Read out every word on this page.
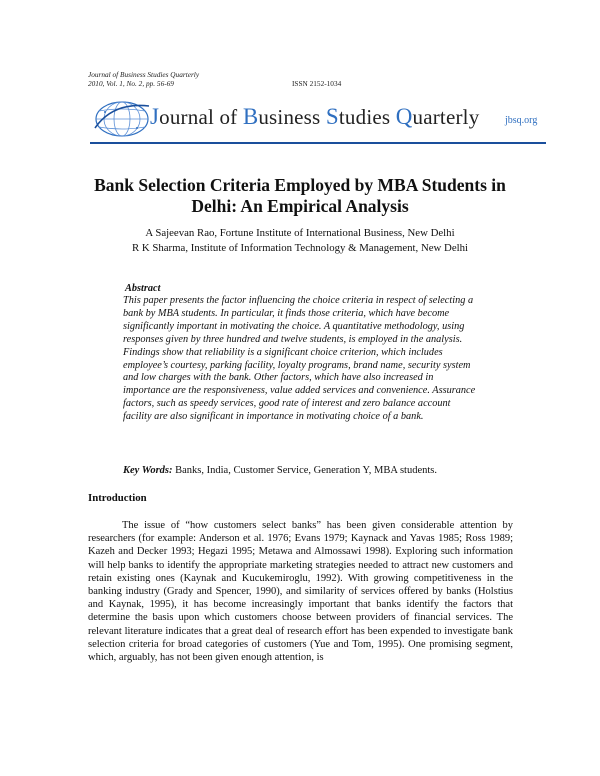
Journal of Business Studies Quarterly
2010, Vol. 1, No. 2, pp. 56-69	ISSN 2152-1034
Journal of Business Studies Quarterly	jbsq.org
Bank Selection Criteria Employed by MBA Students in
Delhi: An Empirical Analysis
A Sajeevan Rao, Fortune Institute of International Business, New Delhi
R K Sharma, Institute of Information Technology & Management, New Delhi
Abstract
This paper presents the factor influencing the choice criteria in respect of selecting a bank by MBA students. In particular, it finds those criteria, which have become significantly important in motivating the choice. A quantitative methodology, using responses given by three hundred and twelve students, is employed in the analysis. Findings show that reliability is a significant choice criterion, which includes employee’s courtesy, parking facility, loyalty programs, brand name, security system and low charges with the bank. Other factors, which have also increased in importance are the responsiveness, value added services and convenience. Assurance factors, such as speedy services, good rate of interest and zero balance account facility are also significant in importance in motivating choice of a bank.
Key Words: Banks, India, Customer Service, Generation Y, MBA students.
Introduction
The issue of “how customers select banks” has been given considerable attention by researchers (for example: Anderson et al. 1976; Evans 1979; Kaynack and Yavas 1985; Ross 1989; Kazeh and Decker 1993; Hegazi 1995; Metawa and Almossawi 1998). Exploring such information will help banks to identify the appropriate marketing strategies needed to attract new customers and retain existing ones (Kaynak and Kucukemiroglu, 1992). With growing competitiveness in the banking industry (Grady and Spencer, 1990), and similarity of services offered by banks (Holstius and Kaynak, 1995), it has become increasingly important that banks identify the factors that determine the basis upon which customers choose between providers of financial services. The relevant literature indicates that a great deal of research effort has been expended to investigate bank selection criteria for broad categories of customers (Yue and Tom, 1995). One promising segment, which, arguably, has not been given enough attention, is
